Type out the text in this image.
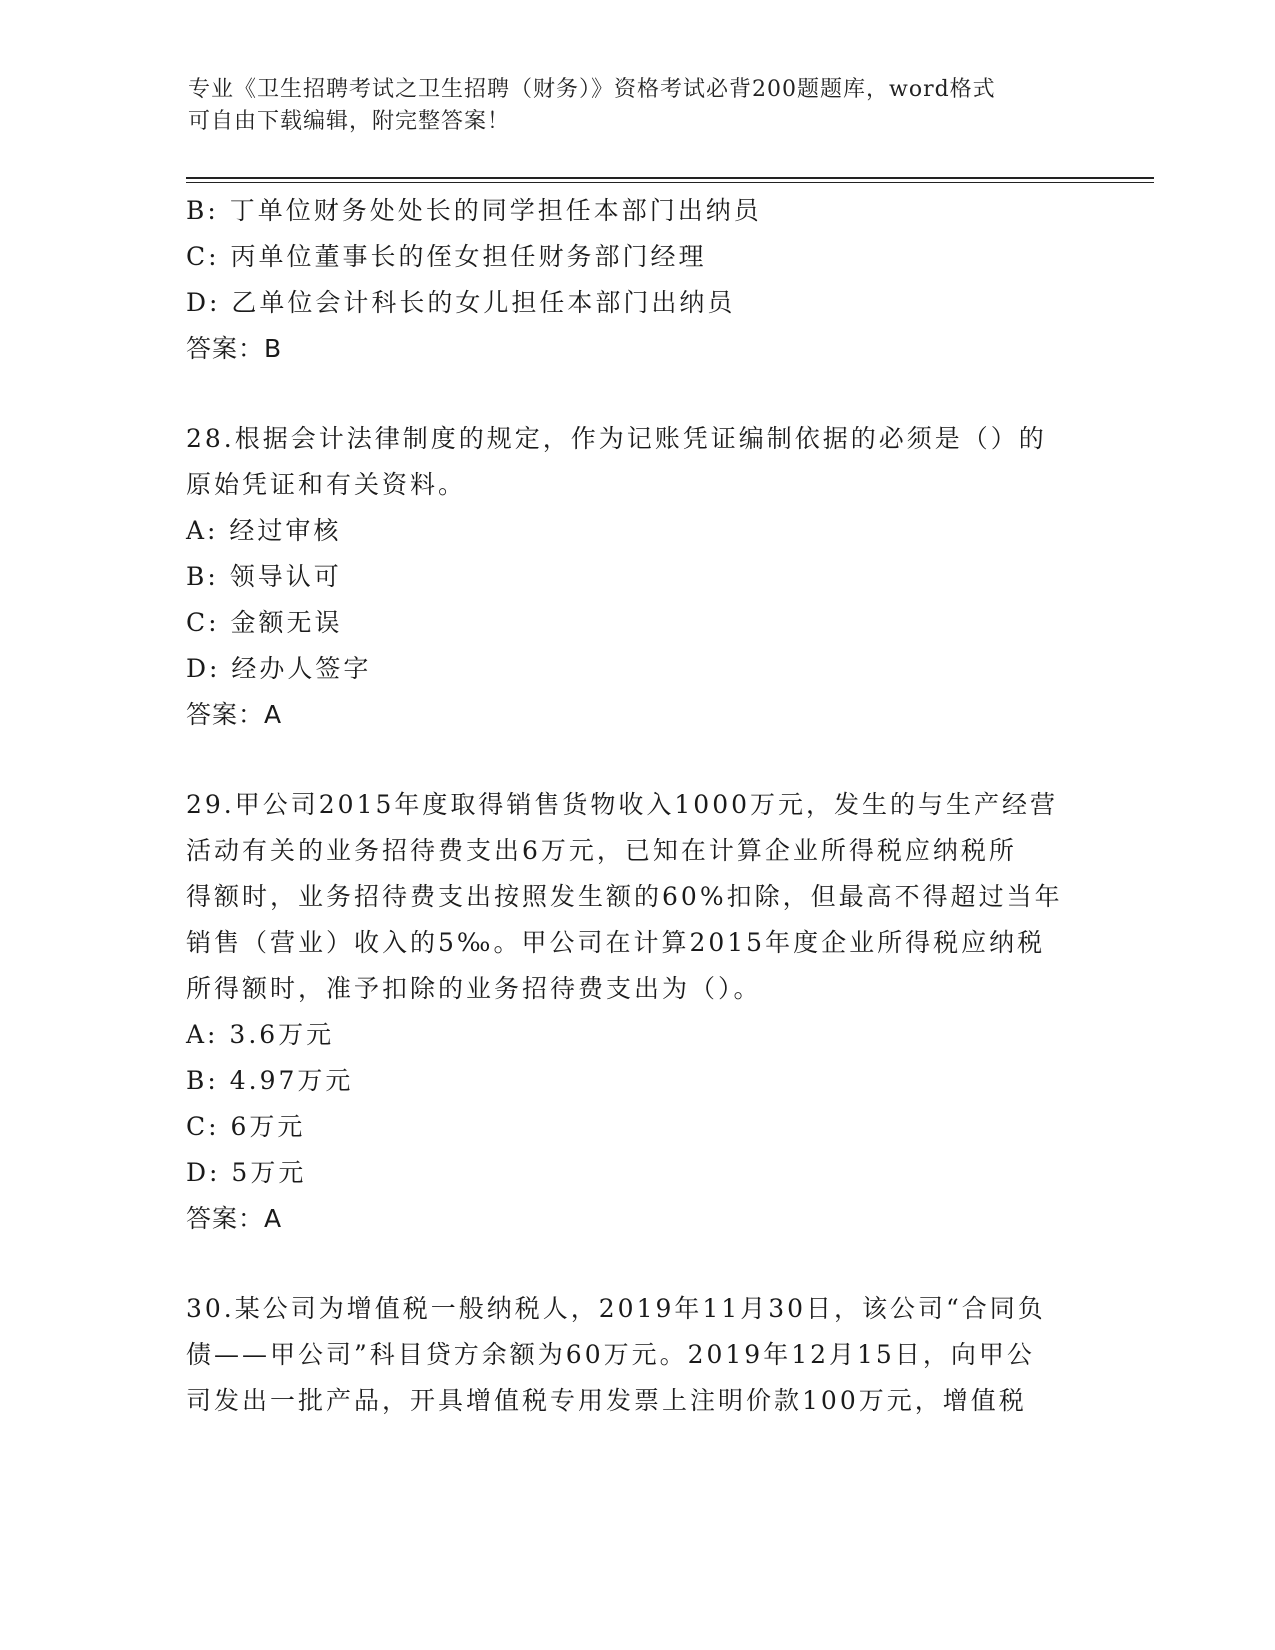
专业《卫生招聘考试之卫生招聘（财务）》资格考试必背200题题库，word格式
可自由下载编辑，附完整答案！
B: 丁单位财务处处长的同学担任本部门出纳员
C: 丙单位董事长的侄女担任财务部门经理
D: 乙单位会计科长的女儿担任本部门出纳员
答案：B
28.根据会计法律制度的规定，作为记账凭证编制依据的必须是（）的
原始凭证和有关资料。
A: 经过审核
B: 领导认可
C: 金额无误
D: 经办人签字
答案：A
29.甲公司2015年度取得销售货物收入1000万元，发生的与生产经营
活动有关的业务招待费支出6万元，已知在计算企业所得税应纳税所
得额时，业务招待费支出按照发生额的60%扣除，但最高不得超过当年
销售（营业）收入的5‰。甲公司在计算2015年度企业所得税应纳税
所得额时，准予扣除的业务招待费支出为（）。
A: 3.6万元
B: 4.97万元
C: 6万元
D: 5万元
答案：A
30.某公司为增值税一般纳税人，2019年11月30日，该公司“合同负
债——甲公司”科目贷方余额为60万元。2019年12月15日，向甲公
司发出一批产品，开具增值税专用发票上注明价款100万元，增值税
